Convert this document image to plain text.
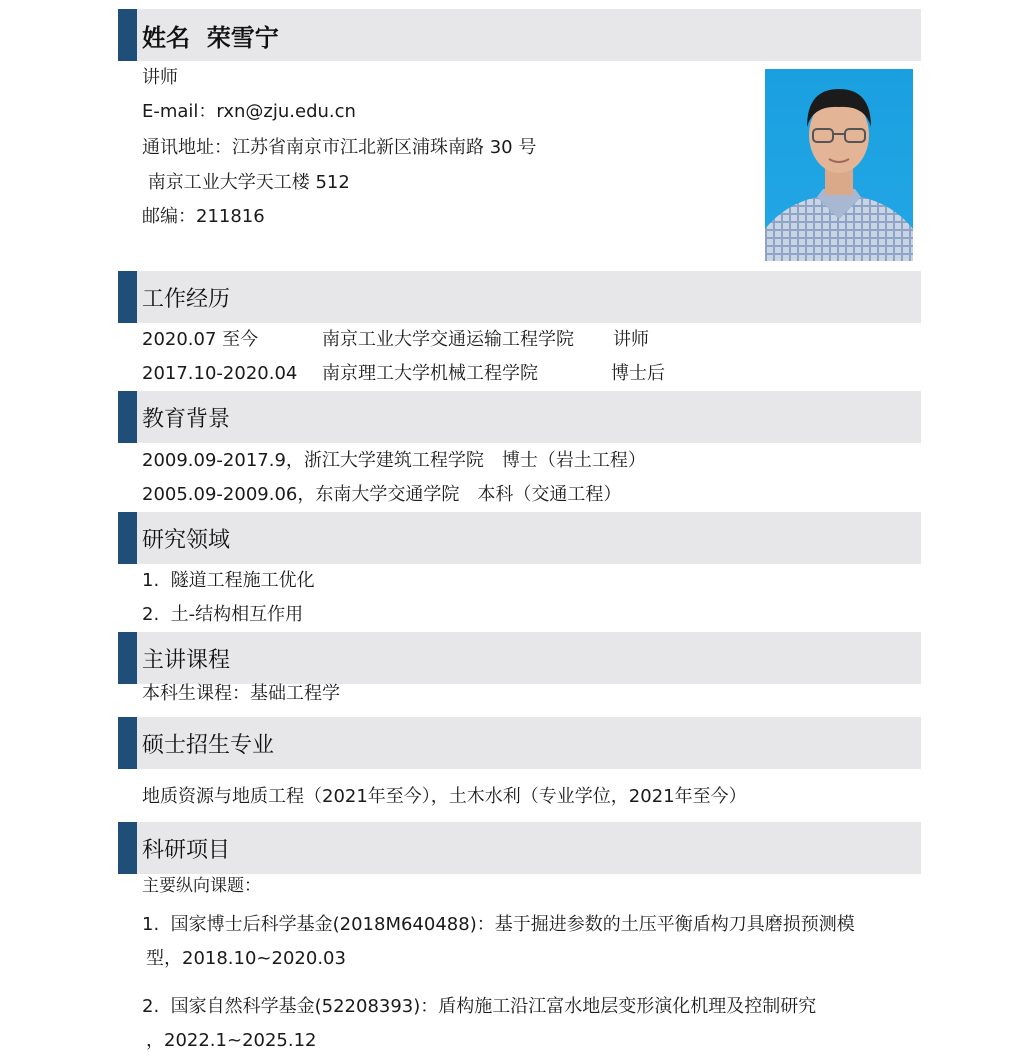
姓名  荣雪宁
讲师
E-mail：rxn@zju.edu.cn
通讯地址：江苏省南京市江北新区浦珠南路 30 号
南京工业大学天工楼 512
邮编：211816
工作经历
2020.07 至今	南京工业大学交通运输工程学院 讲师
2017.10-2020.04 南京理工大学机械工程学院	博士后
教育背景
2009.09-2017.9，浙江大学建筑工程学院　博士（岩土工程）
2005.09-2009.06，东南大学交通学院　本科（交通工程）
研究领域
1.  隧道工程施工优化
2.  土-结构相互作用
主讲课程
本科生课程：基础工程学
硕士招生专业
地质资源与地质工程（2021年至今），土木水利（专业学位，2021年至今）
科研项目
主要纵向课题：
1.  国家博士后科学基金(2018M640488)：基于掘进参数的土压平衡盾构刀具磨损预测模
型，2018.10~2020.03
2.  国家自然科学基金(52208393)：盾构施工沿江富水地层变形演化机理及控制研究
，2022.1~2025.12
